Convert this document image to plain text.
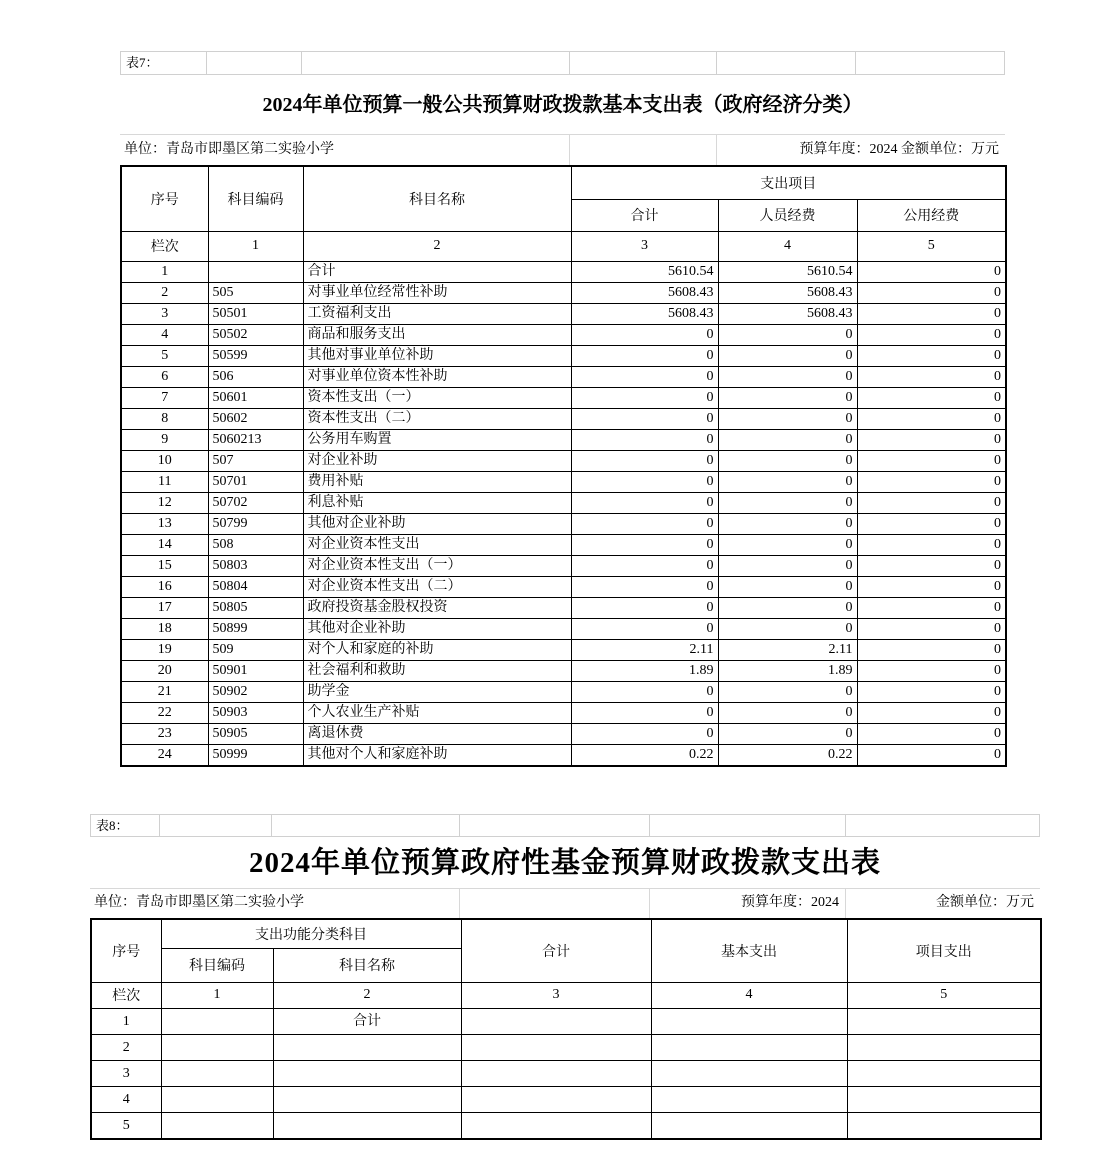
表7：
2024年单位预算一般公共预算财政拨款基本支出表（政府经济分类）
单位：青岛市即墨区第二实验小学	预算年度：2024 金额单位：万元
序号	科目编码	科目名称	支出项目		
			合计	人员经费	公用经费
栏次	1	2	3	4	5
1		合计	5610.54	5610.54	0
2	505	对事业单位经常性补助	5608.43	5608.43	0
3	50501	工资福利支出	5608.43	5608.43	0
4	50502	商品和服务支出	0	0	0
5	50599	其他对事业单位补助	0	0	0
6	506	对事业单位资本性补助	0	0	0
7	50601	资本性支出（一）	0	0	0
8	50602	资本性支出（二）	0	0	0
9	5060213	公务用车购置	0	0	0
10	507	对企业补助	0	0	0
11	50701	费用补贴	0	0	0
12	50702	利息补贴	0	0	0
13	50799	其他对企业补助	0	0	0
14	508	对企业资本性支出	0	0	0
15	50803	对企业资本性支出（一）	0	0	0
16	50804	对企业资本性支出（二）	0	0	0
17	50805	政府投资基金股权投资	0	0	0
18	50899	其他对企业补助	0	0	0
19	509	对个人和家庭的补助	2.11	2.11	0
20	50901	社会福利和救助	1.89	1.89	0
21	50902	助学金	0	0	0
22	50903	个人农业生产补贴	0	0	0
23	50905	离退休费	0	0	0
24	50999	其他对个人和家庭补助	0.22	0.22	0
表8：
2024年单位预算政府性基金预算财政拨款支出表
单位：青岛市即墨区第二实验小学	预算年度：2024	金额单位：万元
序号	支出功能分类科目		合计	基本支出	项目支出
	科目编码	科目名称			
栏次	1	2	3	4	5
1		合计			
2					
3					
4					
5					
